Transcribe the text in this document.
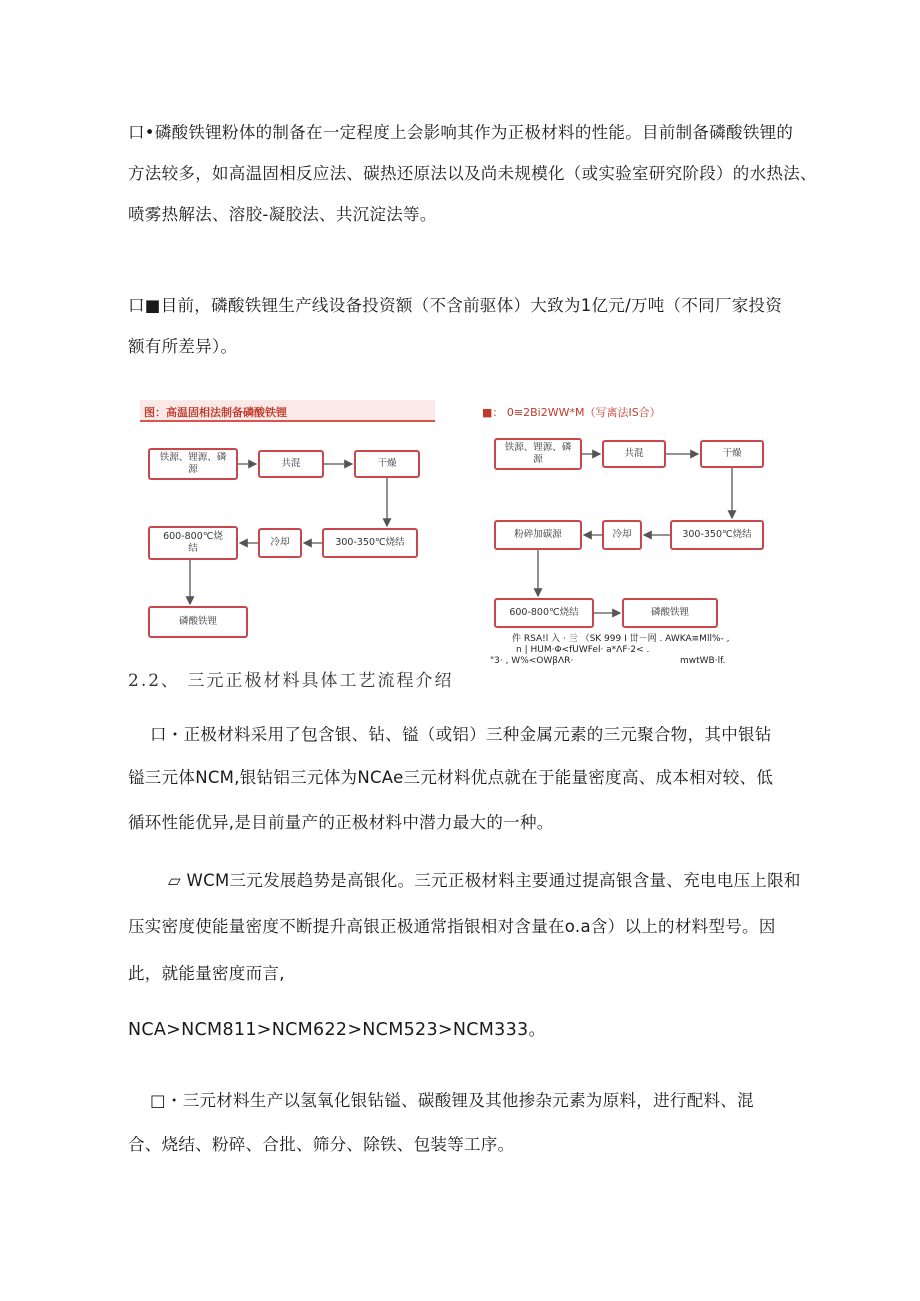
口•磷酸铁锂粉体的制备在一定程度上会影响其作为正极材料的性能。目前制备磷酸铁锂的
方法较多，如高温固相反应法、碳热还原法以及尚未规模化（或实验室研究阶段）的水热法、
喷雾热解法、溶胶-凝胶法、共沉淀法等。
口■目前，磷酸铁锂生产线设备投资额（不含前驱体）大致为1亿元/万吨（不同厂家投资
额有所差异）。
图：高温固相法制备磷酸铁锂
铁源、锂源、磷源
共混	干燥
300-350℃烧结
冷却
600-800℃烧结
磷酸铁锂
■： 0≡2Bi2WW*M（写离法IS合）
铁源、锂源、磷源
共混	干燥
300-350℃烧结
冷却
粉碎加碳源
600-800℃烧结	磷酸铁锂
件 RSA!l 入 · 亖 （SK 999 I 丗－网 . AWKA≡Mll%- ,
n | HUM·Φ<fUWFel· a*ΛF·2< .
"3· , W%<OWβΛR·	mwtWB·lf.
2.2、 三元正极材料具体工艺流程介绍
口・正极材料采用了包含银、钻、镒（或铝）三种金属元素的三元聚合物，其中银钻
镒三元体NCM,银钻铝三元体为NCAe三元材料优点就在于能量密度高、成本相对较、低
循环性能优异,是目前量产的正极材料中潜力最大的一种。
▱ WCM三元发展趋势是高银化。三元正极材料主要通过提高银含量、充电电压上限和
压实密度使能量密度不断提升高银正极通常指银相对含量在o.a含）以上的材料型号。因
此，就能量密度而言,
NCA>NCM811>NCM622>NCM523>NCM333。
□・三元材料生产以氢氧化银钻镒、碳酸锂及其他掺杂元素为原料，进行配料、混
合、烧结、粉碎、合批、筛分、除铁、包装等工序。
